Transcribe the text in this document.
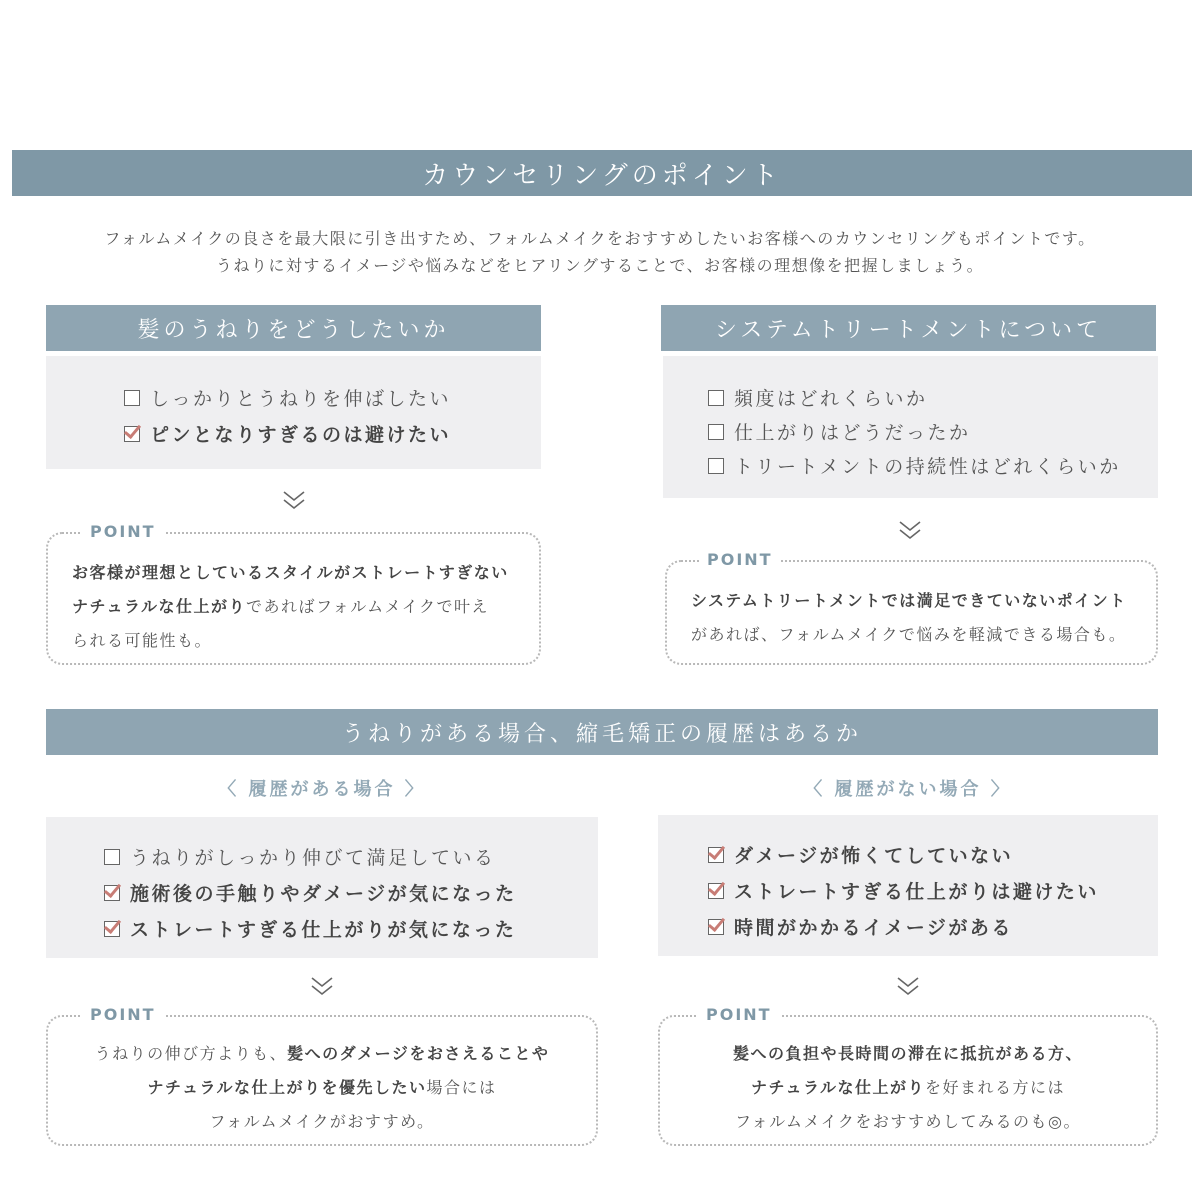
カウンセリングのポイント
フォルムメイクの良さを最大限に引き出すため、フォルムメイクをおすすめしたいお客様へのカウンセリングもポイントです。
うねりに対するイメージや悩みなどをヒアリングすることで、お客様の理想像を把握しましょう。
髪のうねりをどうしたいか
しっかりとうねりを伸ばしたい
ピンとなりすぎるのは避けたい
POINT
お客様が理想としているスタイルがストレートすぎない
ナチュラルな仕上がりであればフォルムメイクで叶え
られる可能性も。
システムトリートメントについて
頻度はどれくらいか
仕上がりはどうだったか
トリートメントの持続性はどれくらいか
POINT
システムトリートメントでは満足できていないポイント
があれば、フォルムメイクで悩みを軽減できる場合も。
うねりがある場合、縮毛矯正の履歴はあるか
〈 履歴がある場合 〉
うねりがしっかり伸びて満足している
施術後の手触りやダメージが気になった
ストレートすぎる仕上がりが気になった
POINT
うねりの伸び方よりも、髪へのダメージをおさえることや
ナチュラルな仕上がりを優先したい場合には
フォルムメイクがおすすめ。
〈 履歴がない場合 〉
ダメージが怖くてしていない
ストレートすぎる仕上がりは避けたい
時間がかかるイメージがある
POINT
髪への負担や長時間の滞在に抵抗がある方、
ナチュラルな仕上がりを好まれる方には
フォルムメイクをおすすめしてみるのも◎。
